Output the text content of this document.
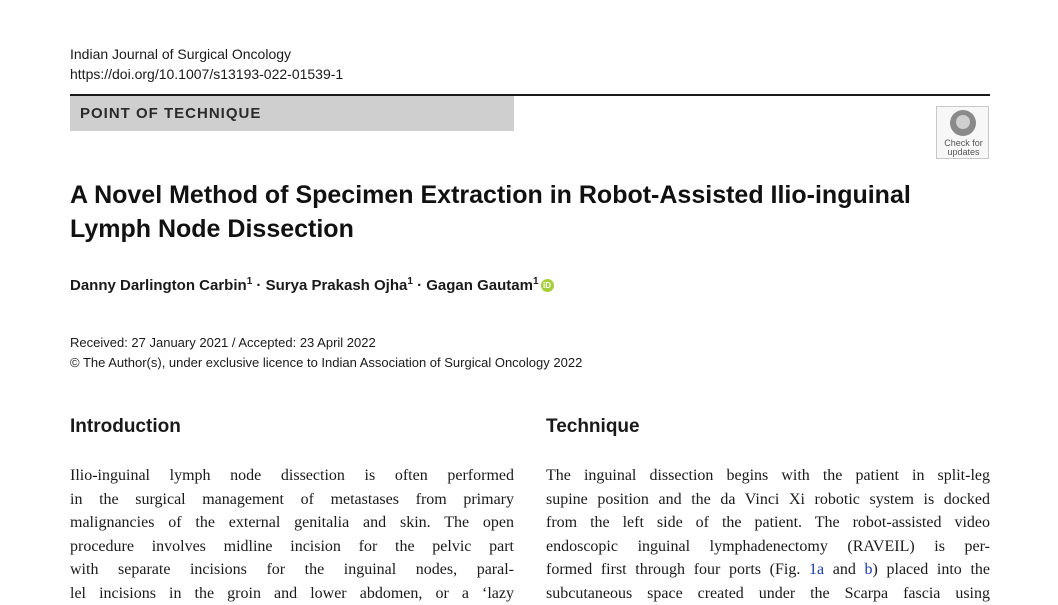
Indian Journal of Surgical Oncology
https://doi.org/10.1007/s13193-022-01539-1
POINT OF TECHNIQUE
Check for
updates
A Novel Method of Specimen Extraction in Robot-Assisted Ilio-inguinal
Lymph Node Dissection
Danny Darlington Carbin$^1$ · Surya Prakash Ojha$^1$ · Gagan Gautam$^1$ iD
Received: 27 January 2021 / Accepted: 23 April 2022
© The Author(s), under exclusive licence to Indian Association of Surgical Oncology 2022
Introduction	Technique
Ilio-inguinal lymph node dissection is often performed
in the surgical management of metastases from primary
malignancies of the external genitalia and skin. The open
procedure involves midline incision for the pelvic part
with separate incisions for the inguinal nodes, paral-
lel incisions in the groin and lower abdomen, or a ‘lazy
The inguinal dissection begins with the patient in split-leg
supine position and the da Vinci Xi robotic system is docked
from the left side of the patient. The robot-assisted video
endoscopic inguinal lymphadenectomy (RAVEIL) is per-
formed first through four ports (Fig. 1a and b) placed into the
subcutaneous space created under the Scarpa fascia using
